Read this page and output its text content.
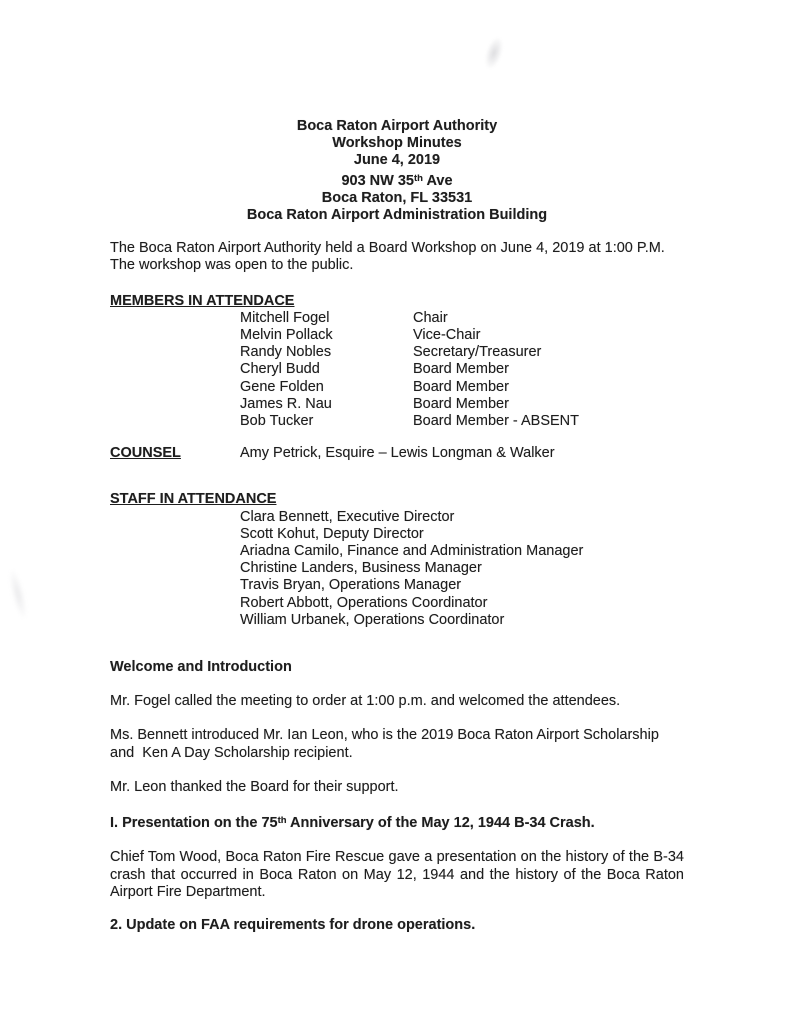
Boca Raton Airport Authority
Workshop Minutes
June 4, 2019
903 NW 35th Ave
Boca Raton, FL 33531
Boca Raton Airport Administration Building

The Boca Raton Airport Authority held a Board Workshop on June 4, 2019 at 1:00 P.M. The workshop was open to the public.

MEMBERS IN ATTENDACE
Mitchell Fogel	Chair
Melvin Pollack	Vice-Chair
Randy Nobles	Secretary/Treasurer
Cheryl Budd	Board Member
Gene Folden	Board Member
James R. Nau	Board Member
Bob Tucker	Board Member - ABSENT
COUNSEL	Amy Petrick, Esquire – Lewis Longman & Walker
STAFF IN ATTENDANCE
Clara Bennett, Executive Director
Scott Kohut, Deputy Director
Ariadna Camilo, Finance and Administration Manager
Christine Landers, Business Manager
Travis Bryan, Operations Manager
Robert Abbott, Operations Coordinator
William Urbanek, Operations Coordinator
Welcome and Introduction

Mr. Fogel called the meeting to order at 1:00 p.m. and welcomed the attendees.

Ms. Bennett introduced Mr. Ian Leon, who is the 2019 Boca Raton Airport Scholarship and  Ken A Day Scholarship recipient.

Mr. Leon thanked the Board for their support.

I. Presentation on the 75th Anniversary of the May 12, 1944 B-34 Crash.

Chief Tom Wood, Boca Raton Fire Rescue gave a presentation on the history of the B-34 crash that occurred in Boca Raton on May 12, 1944 and the history of the Boca Raton Airport Fire Department.

2. Update on FAA requirements for drone operations.
